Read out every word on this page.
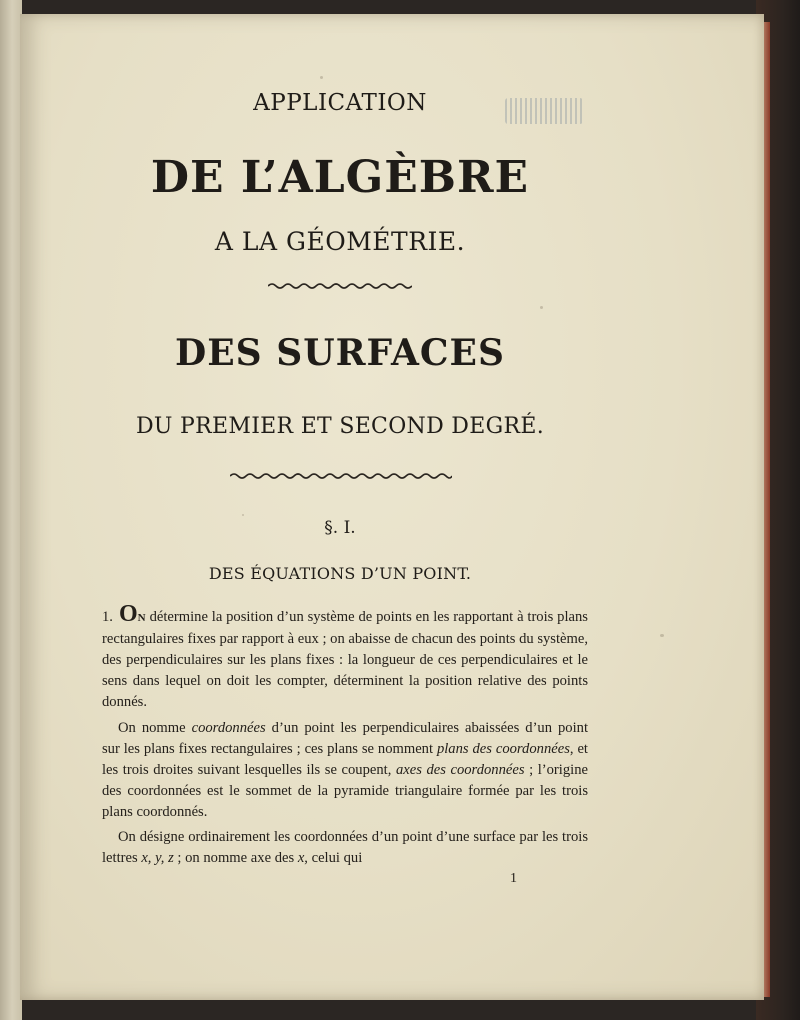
APPLICATION
DE L’ALGÈBRE
A LA GÉOMÉTRIE.
DES SURFACES
DU PREMIER ET SECOND DEGRÉ.
§. I.
DES ÉQUATIONS D’UN POINT.
1. ON détermine la position d’un système de points en les rapportant à trois plans rectangulaires fixes par rapport à eux ; on abaisse de chacun des points du système, des perpendiculaires sur les plans fixes : la longueur de ces perpendiculaires et le sens dans lequel on doit les compter, déterminent la position relative des points donnés.
On nomme coordonnées d’un point les perpendiculaires abaissées d’un point sur les plans fixes rectangulaires ; ces plans se nomment plans des coordonnées, et les trois droites suivant lesquelles ils se coupent, axes des coordonnées ; l’origine des coordonnées est le sommet de la pyramide triangulaire formée par les trois plans coordonnés.
On désigne ordinairement les coordonnées d’un point d’une surface par les trois lettres x, y, z ; on nomme axe des x, celui qui
1
